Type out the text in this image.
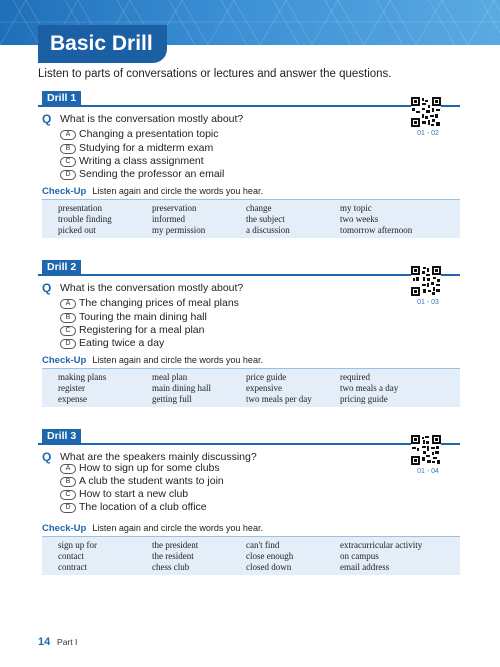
Basic Drill
Listen to parts of conversations or lectures and answer the questions.
Drill 1
Q What is the conversation mostly about?
A Changing a presentation topic
B Studying for a midterm exam
C Writing a class assignment
D Sending the professor an email
01 - 02
Check-Up Listen again and circle the words you hear.
presentation	preservation	change	my topic
trouble finding	informed	the subject	two weeks
picked out	my permission	a discussion	tomorrow afternoon
Drill 2
Q What is the conversation mostly about?
A The changing prices of meal plans
B Touring the main dining hall
C Registering for a meal plan
D Eating twice a day
01 - 03
Check-Up Listen again and circle the words you hear.
making plans	meal plan	price guide	required
register	main dining hall	expensive	two meals a day
expense	getting full	two meals per day	pricing guide
Drill 3
Q What are the speakers mainly discussing?
A How to sign up for some clubs
B A club the student wants to join
C How to start a new club
D The location of a club office
01 - 04
Check-Up Listen again and circle the words you hear.
sign up for	the president	can't find	extracurricular activity
contact	the resident	close enough	on campus
contract	chess club	closed down	email address
14 Part I
